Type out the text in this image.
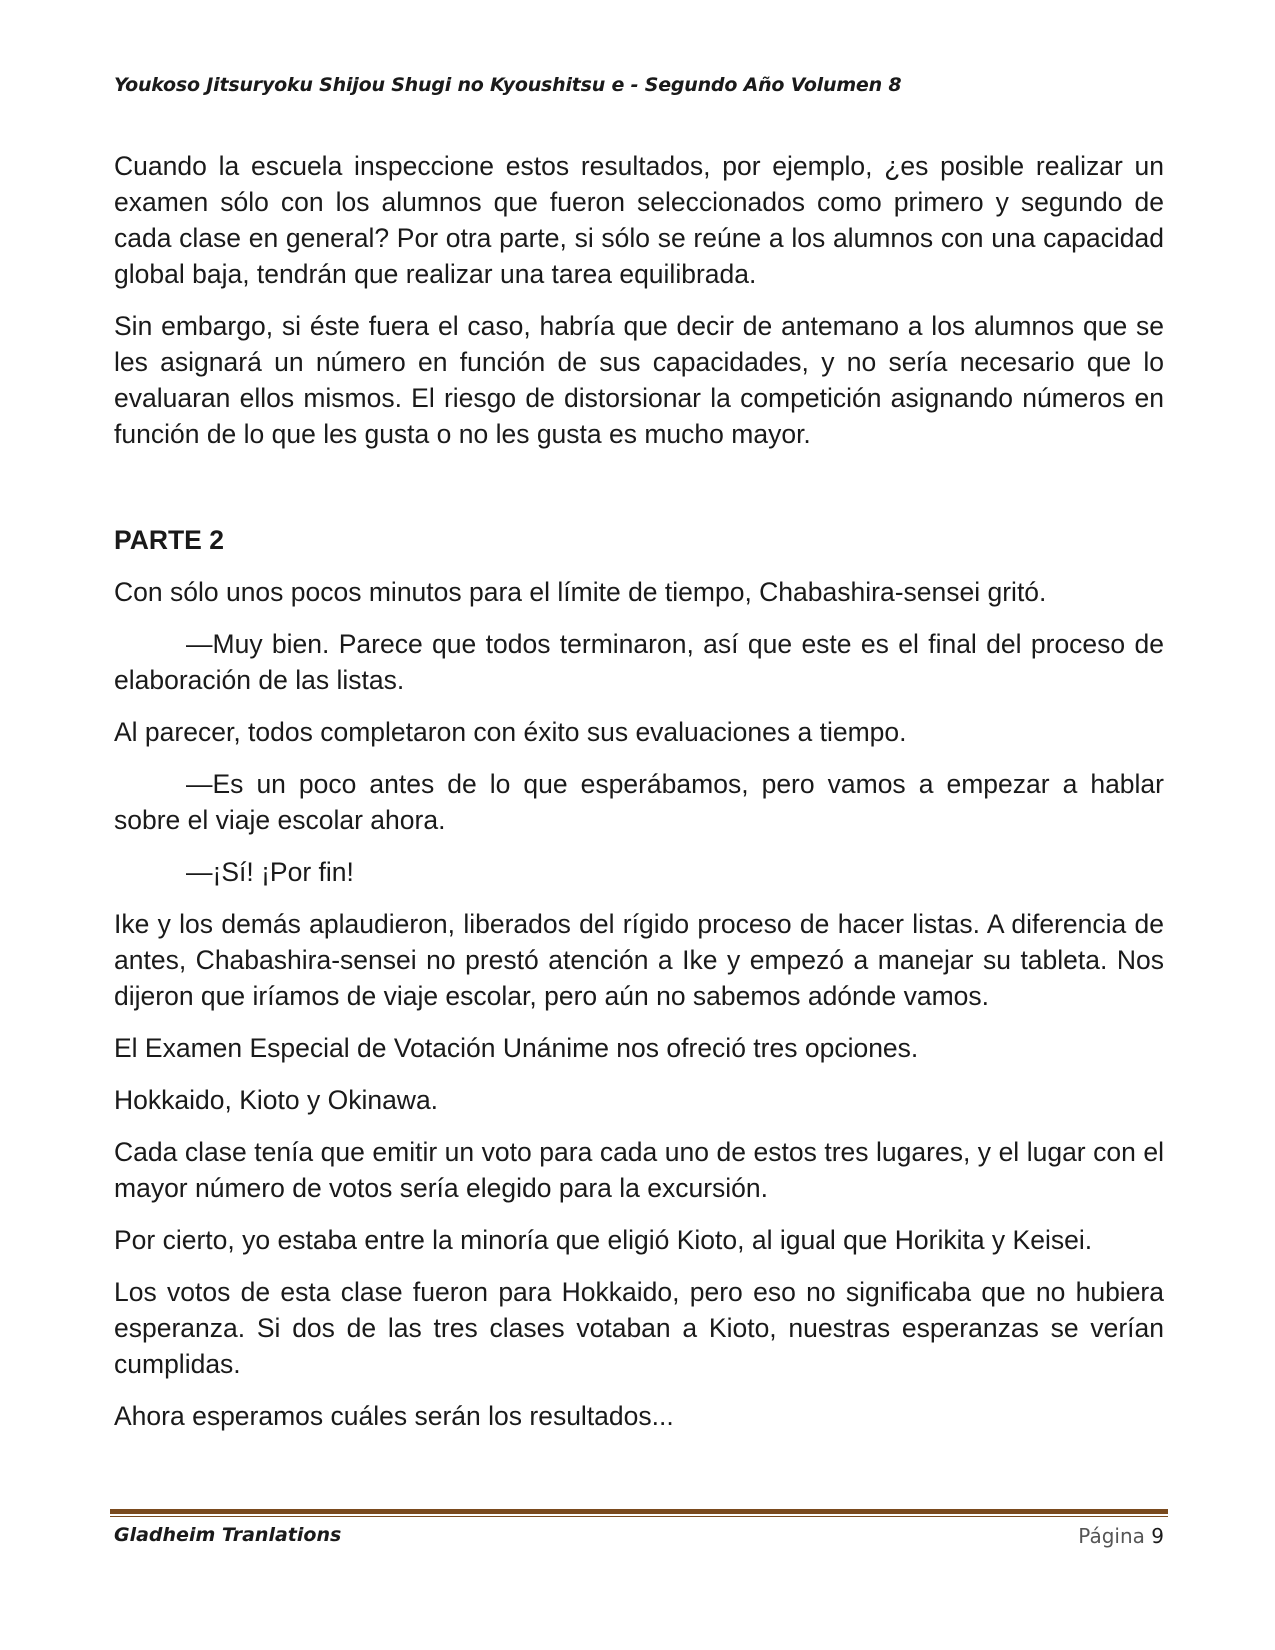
Youkoso Jitsuryoku Shijou Shugi no Kyoushitsu e - Segundo Año Volumen 8

Cuando la escuela inspeccione estos resultados, por ejemplo, ¿es posible realizar un examen sólo con los alumnos que fueron seleccionados como primero y segundo de cada clase en general? Por otra parte, si sólo se reúne a los alumnos con una capacidad global baja, tendrán que realizar una tarea equilibrada.

Sin embargo, si éste fuera el caso, habría que decir de antemano a los alumnos que se les asignará un número en función de sus capacidades, y no sería necesario que lo evaluaran ellos mismos. El riesgo de distorsionar la competición asignando números en función de lo que les gusta o no les gusta es mucho mayor.

PARTE 2

Con sólo unos pocos minutos para el límite de tiempo, Chabashira-sensei gritó.

—Muy bien. Parece que todos terminaron, así que este es el final del proceso de elaboración de las listas.

Al parecer, todos completaron con éxito sus evaluaciones a tiempo.

—Es un poco antes de lo que esperábamos, pero vamos a empezar a hablar sobre el viaje escolar ahora.

—¡Sí! ¡Por fin!

Ike y los demás aplaudieron, liberados del rígido proceso de hacer listas. A diferencia de antes, Chabashira-sensei no prestó atención a Ike y empezó a manejar su tableta. Nos dijeron que iríamos de viaje escolar, pero aún no sabemos adónde vamos.

El Examen Especial de Votación Unánime nos ofreció tres opciones.

Hokkaido, Kioto y Okinawa.

Cada clase tenía que emitir un voto para cada uno de estos tres lugares, y el lugar con el mayor número de votos sería elegido para la excursión.

Por cierto, yo estaba entre la minoría que eligió Kioto, al igual que Horikita y Keisei.

Los votos de esta clase fueron para Hokkaido, pero eso no significaba que no hubiera esperanza. Si dos de las tres clases votaban a Kioto, nuestras esperanzas se verían cumplidas.

Ahora esperamos cuáles serán los resultados...

Gladheim Tranlations	Página 9
